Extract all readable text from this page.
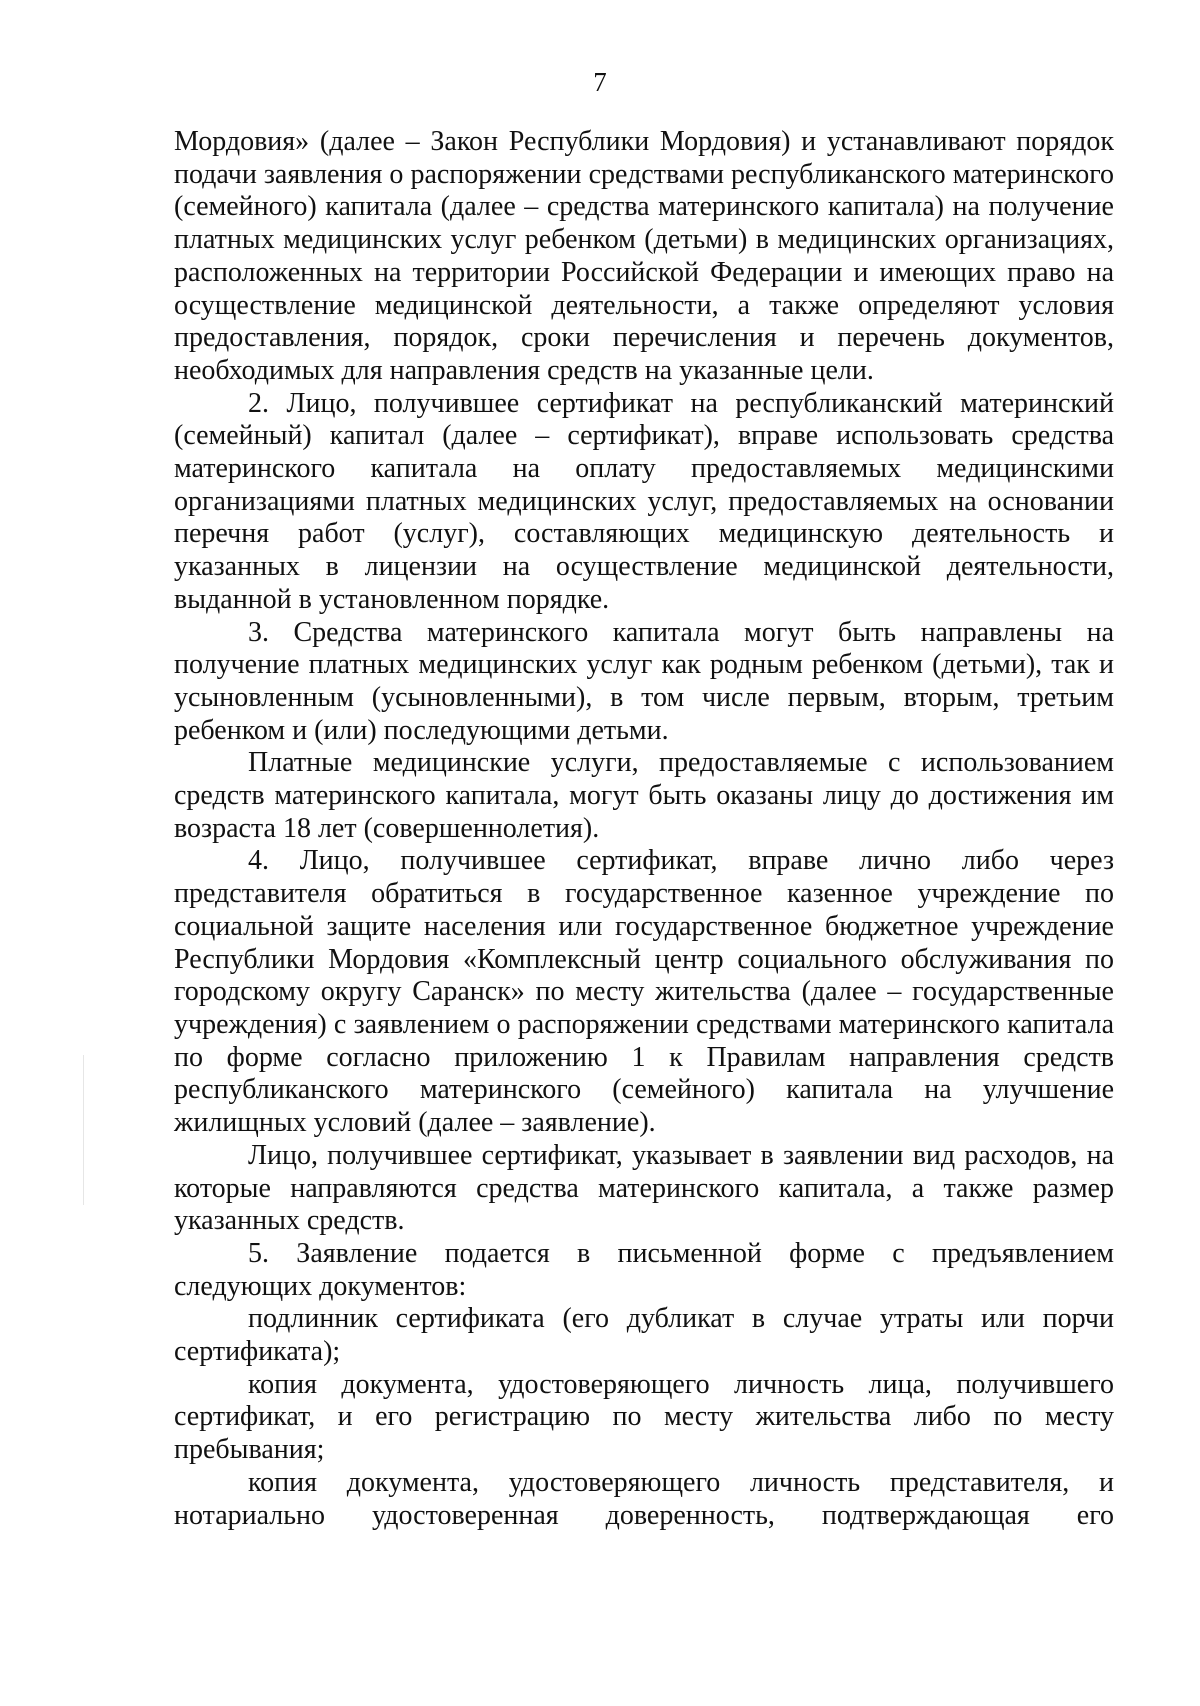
7

Мордовия» (далее – Закон Республики Мордовия) и устанавливают порядок подачи заявления о распоряжении средствами республиканского материнского (семейного) капитала (далее – средства материнского капитала) на получение платных медицинских услуг ребенком (детьми) в медицинских организациях, расположенных на территории Российской Федерации и имеющих право на осуществление медицинской деятельности, а также определяют условия предоставления, порядок, сроки перечисления и перечень документов, необходимых для направления средств на указанные цели.

2. Лицо, получившее сертификат на республиканский материнский (семейный) капитал (далее – сертификат), вправе использовать средства материнского капитала на оплату предоставляемых медицинскими организациями платных медицинских услуг, предоставляемых на основании перечня работ (услуг), составляющих медицинскую деятельность и указанных в лицензии на осуществление медицинской деятельности, выданной в установленном порядке.

3. Средства материнского капитала могут быть направлены на получение платных медицинских услуг как родным ребенком (детьми), так и усыновленным (усыновленными), в том числе первым, вторым, третьим ребенком и (или) последующими детьми.

Платные медицинские услуги, предоставляемые с использованием средств материнского капитала, могут быть оказаны лицу до достижения им возраста 18 лет (совершеннолетия).

4. Лицо, получившее сертификат, вправе лично либо через представителя обратиться в государственное казенное учреждение по социальной защите населения или государственное бюджетное учреждение Республики Мордовия «Комплексный центр социального обслуживания по городскому округу Саранск» по месту жительства (далее – государственные учреждения) с заявлением о распоряжении средствами материнского капитала по форме согласно приложению 1 к Правилам направления средств республиканского материнского (семейного) капитала на улучшение жилищных условий (далее – заявление).

Лицо, получившее сертификат, указывает в заявлении вид расходов, на которые направляются средства материнского капитала, а также размер указанных средств.

5. Заявление подается в письменной форме с предъявлением следующих документов:

подлинник сертификата (его дубликат в случае утраты или порчи сертификата);

копия документа, удостоверяющего личность лица, получившего сертификат, и его регистрацию по месту жительства либо по месту пребывания;

копия документа, удостоверяющего личность представителя, и нотариально удостоверенная доверенность, подтверждающая его
